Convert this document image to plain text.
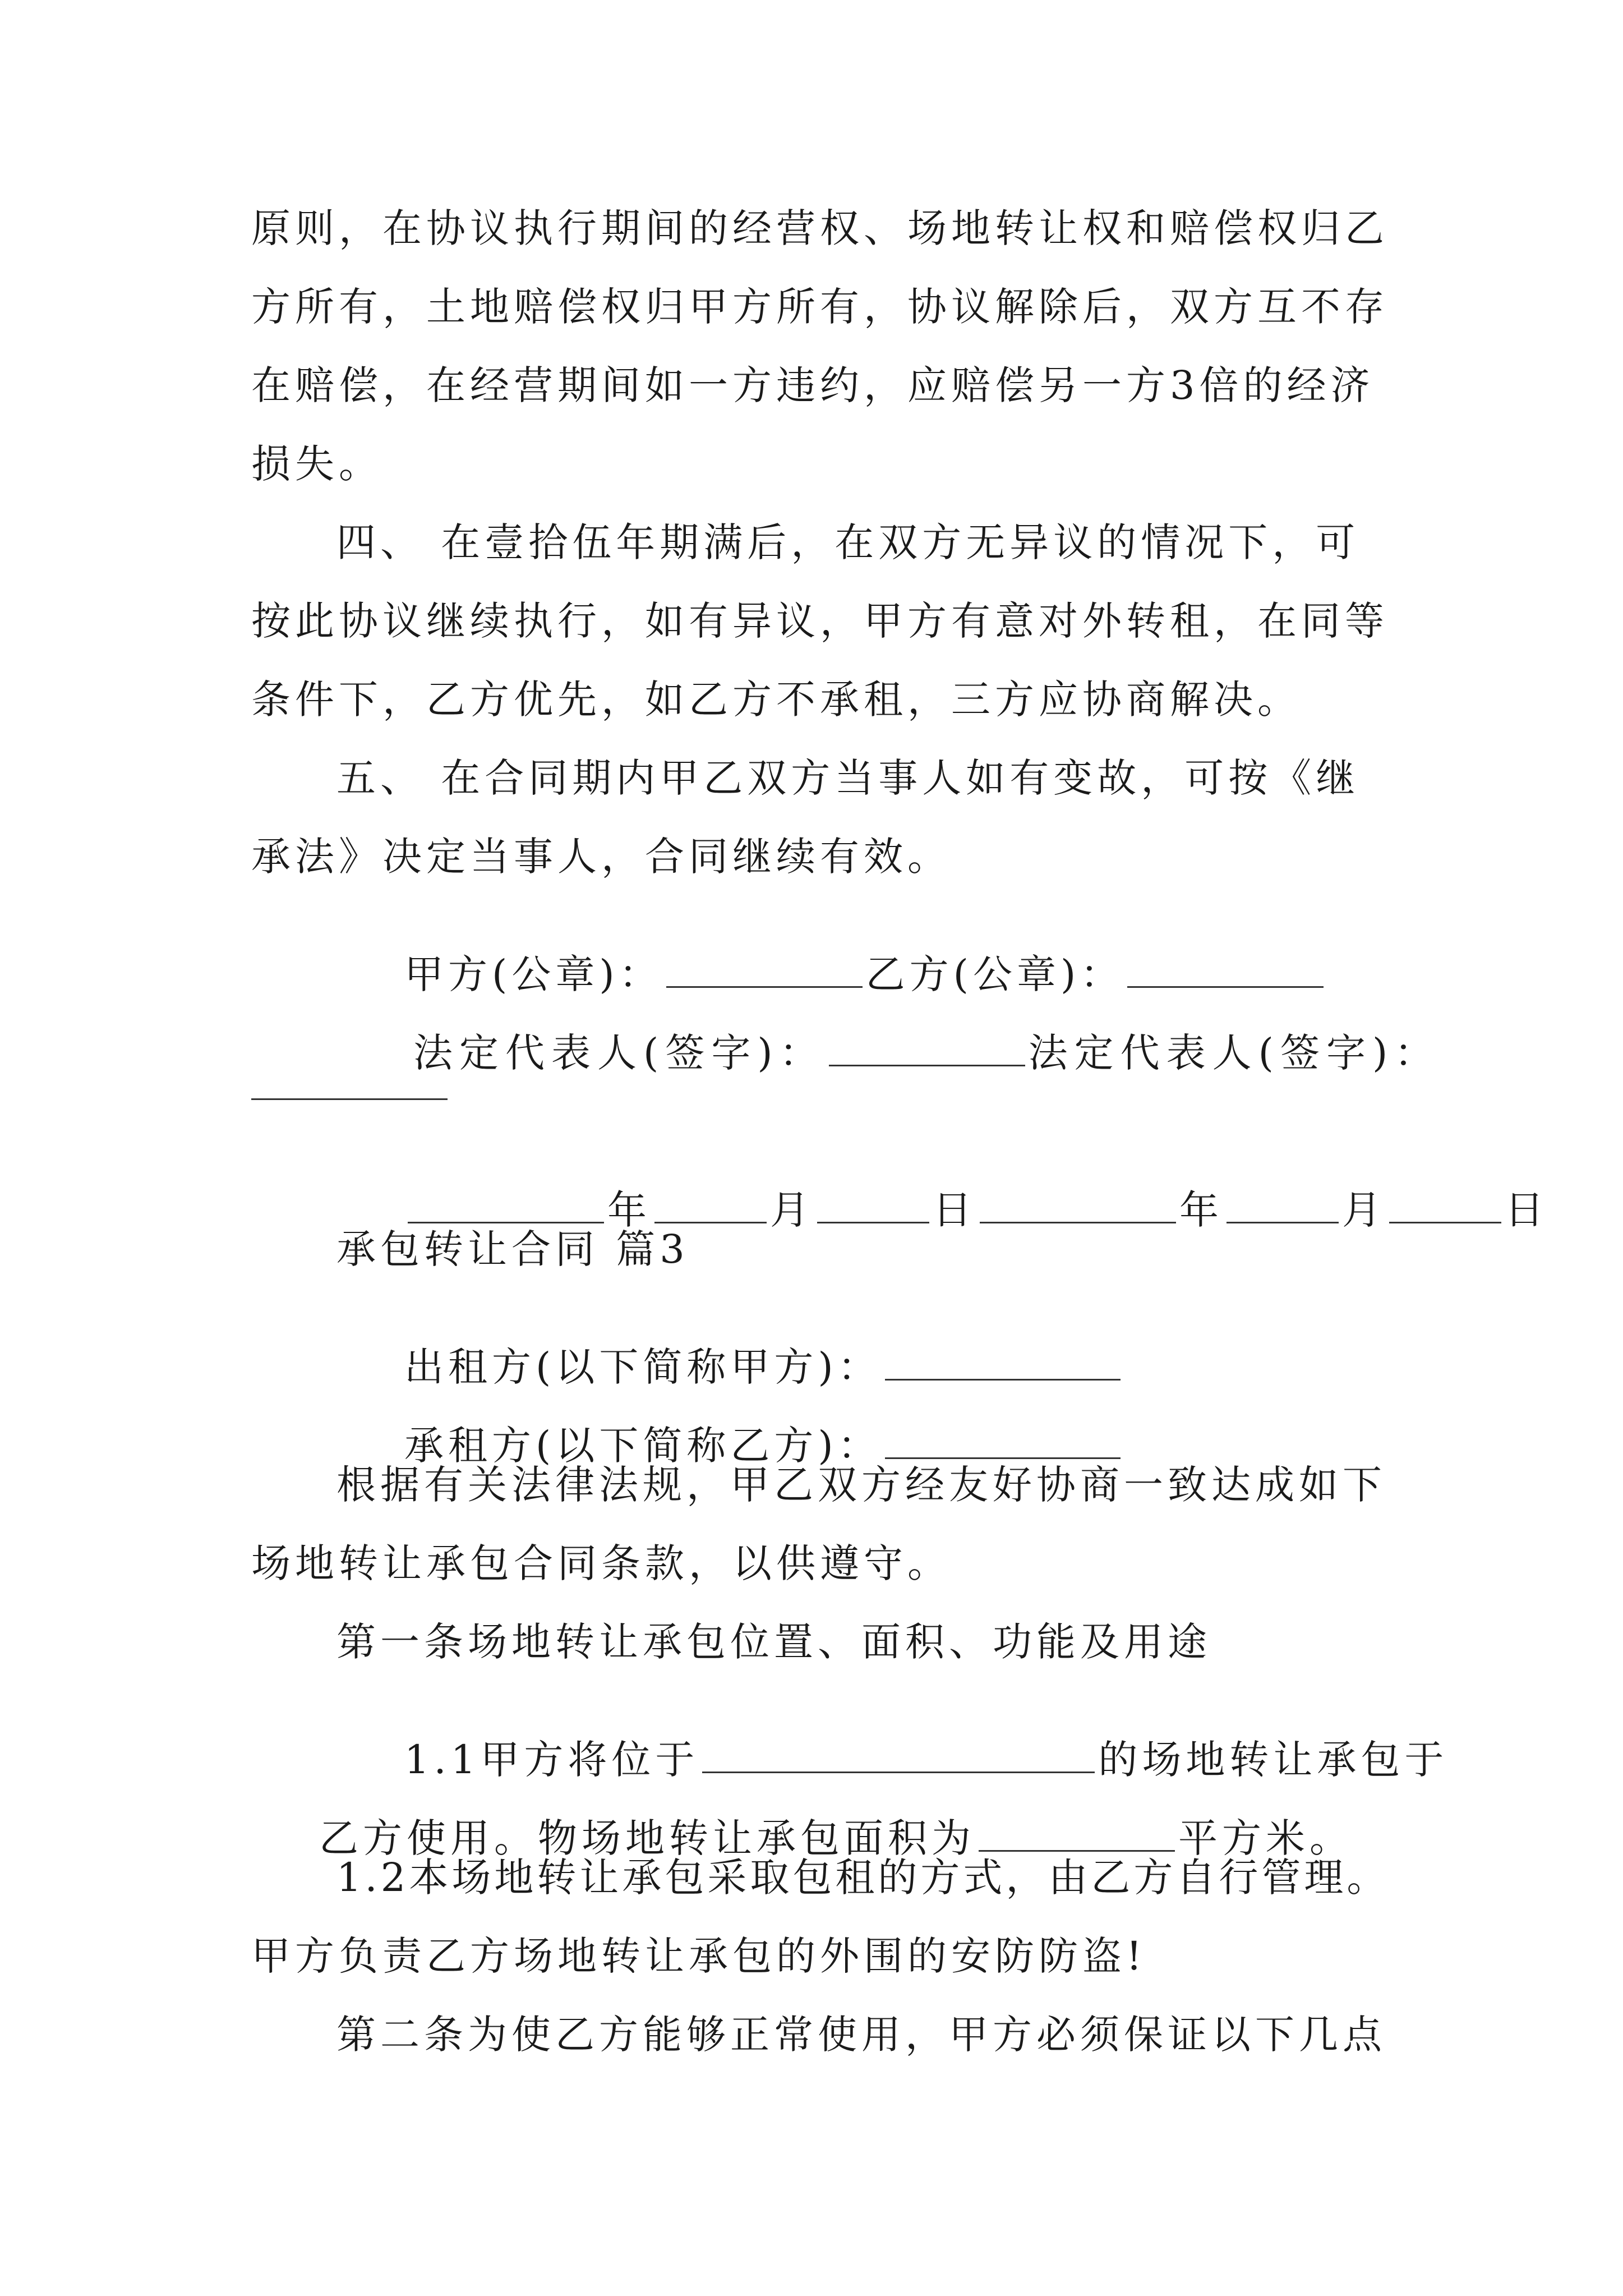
原则，在协议执行期间的经营权、场地转让权和赔偿权归乙
方所有，土地赔偿权归甲方所有，协议解除后，双方互不存
在赔偿，在经营期间如一方违约，应赔偿另一方3倍的经济
损失。
四、 在壹拾伍年期满后，在双方无异议的情况下，可
按此协议继续执行，如有异议，甲方有意对外转租，在同等
条件下，乙方优先，如乙方不承租，三方应协商解决。
五、 在合同期内甲乙双方当事人如有变故，可按《继
承法》决定当事人，合同继续有效。

甲方(公章)：	乙方(公章)：

法定代表人(签字)：	法定代表人(签字)：

年	月	日	年	月	日

承包转让合同 篇3

出租方(以下简称甲方)：

承租方(以下简称乙方)：

根据有关法律法规，甲乙双方经友好协商一致达成如下
场地转让承包合同条款，以供遵守。
第一条场地转让承包位置、面积、功能及用途

1.1甲方将位于	的场地转让承包于

乙方使用。物场地转让承包面积为	平方米。

1.2本场地转让承包采取包租的方式，由乙方自行管理。
甲方负责乙方场地转让承包的外围的安防防盗!
第二条为使乙方能够正常使用，甲方必须保证以下几点
